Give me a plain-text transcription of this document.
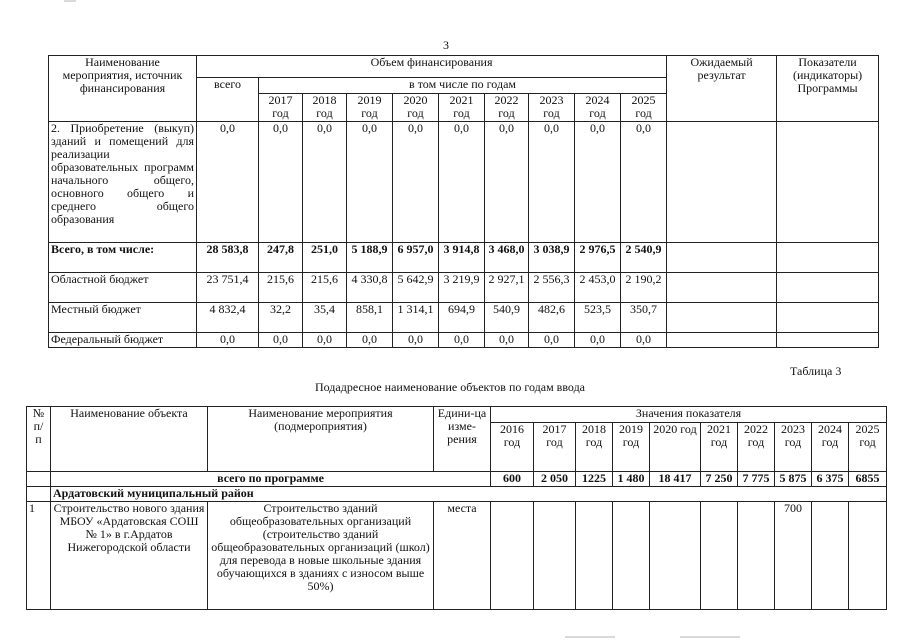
3
Наименование мероприятия, источник финансирования	Объем финансирования										Ожидаемый результат	Показатели (индикаторы) Программы
	всего	в том числе по годам										
		2017 год	2018 год	2019 год	2020 год	2021 год	2022 год	2023 год	2024 год	2025 год		
2. Приобретение (выкуп) зданий и помещений для реализации образовательных программ начального общего, основного общего и среднего общего образования	0,0	0,0	0,0	0,0	0,0	0,0	0,0	0,0	0,0	0,0		
Всего, в том числе:	28 583,8	247,8	251,0	5 188,9	6 957,0	3 914,8	3 468,0	3 038,9	2 976,5	2 540,9		
Областной бюджет	23 751,4	215,6	215,6	4 330,8	5 642,9	3 219,9	2 927,1	2 556,3	2 453,0	2 190,2		
Местный бюджет	4 832,4	32,2	35,4	858,1	1 314,1	694,9	540,9	482,6	523,5	350,7		
Федеральный бюджет	0,0	0,0	0,0	0,0	0,0	0,0	0,0	0,0	0,0	0,0		
Таблица 3
Подадресное наименование объектов по годам ввода
№ п/ п	Наименование объекта	Наименование мероприятия (подмероприятия)	Едини-ца изме-рения	Значения показателя									
				2016 год	2017 год	2018 год	2019 год	2020 год	2021 год	2022 год	2023 год	2024 год	2025 год
	всего по программе			600	2 050	1225	1 480	18 417	7 250	7 775	5 875	6 375	6855
	Ардатовский муниципальный район												
1	Строительство нового здания МБОУ «Ардатовская СОШ № 1» в г.Ардатов Нижегородской области	Строительство зданий общеобразовательных организаций (строительство зданий общеобразовательных организаций (школ) для перевода в новые школьные здания обучающихся в зданиях с износом выше 50%)	места								700		
